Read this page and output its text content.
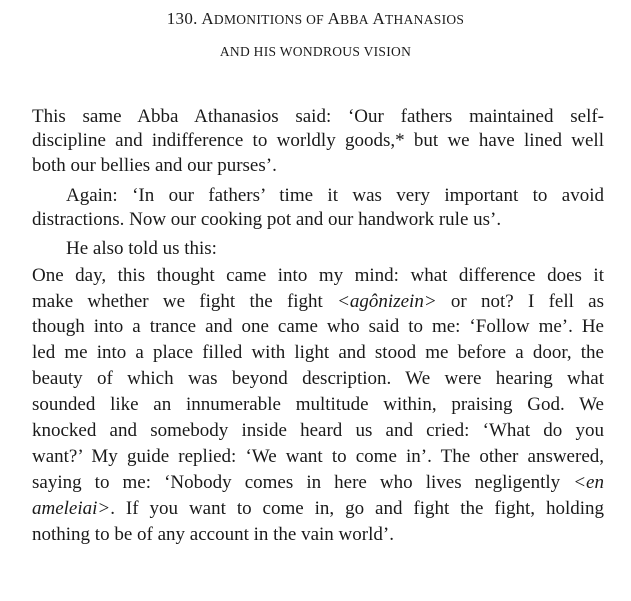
130. ADMONITIONS OF ABBA ATHANASIOS
AND HIS WONDROUS VISION
This same Abba Athanasios said: ‘Our fathers maintained self-
discipline and indifference to worldly goods,* but we have lined well
both our bellies and our purses’.
Again: ‘In our fathers’ time it was very important to avoid
distractions. Now our cooking pot and our handwork rule us’.
He also told us this:
One day, this thought came into my mind: what difference does it
make whether we fight the fight <agônizein> or not? I fell as
though into a trance and one came who said to me: ‘Follow me’. He
led me into a place filled with light and stood me before a door, the
beauty of which was beyond description. We were hearing what
sounded like an innumerable multitude within, praising God. We
knocked and somebody inside heard us and cried: ‘What do you
want?’ My guide replied: ‘We want to come in’. The other answered,
saying to me: ‘Nobody comes in here who lives negligently <en
ameleiai>. If you want to come in, go and fight the fight, holding
nothing to be of any account in the vain world’.
